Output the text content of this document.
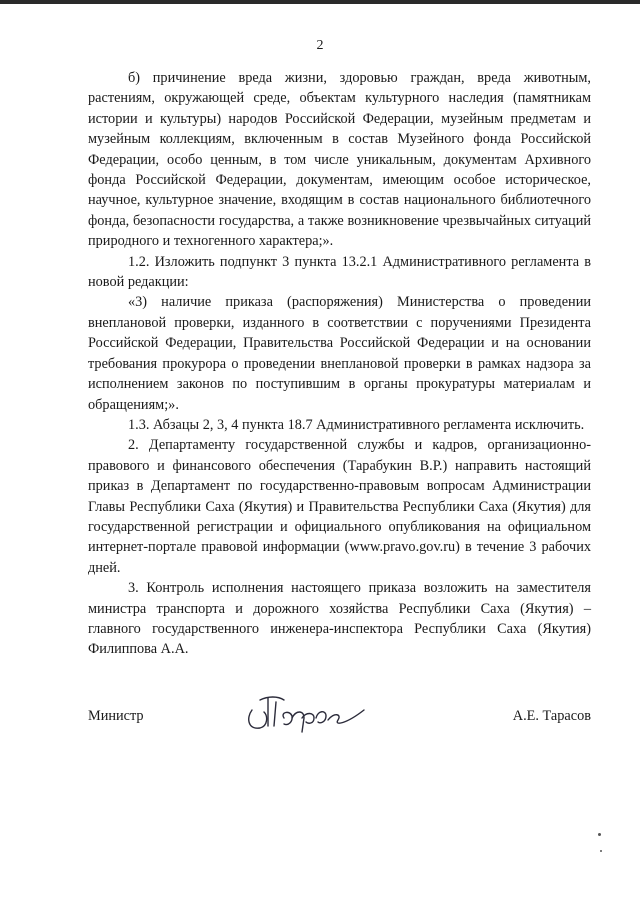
2

б) причинение вреда жизни, здоровью граждан, вреда животным, растениям, окружающей среде, объектам культурного наследия (памятникам истории и культуры) народов Российской Федерации, музейным предметам и музейным коллекциям, включенным в состав Музейного фонда Российской Федерации, особо ценным, в том числе уникальным, документам Архивного фонда Российской Федерации, документам, имеющим особое историческое, научное, культурное значение, входящим в состав национального библиотечного фонда, безопасности государства, а также возникновение чрезвычайных ситуаций природного и техногенного характера;».

1.2. Изложить подпункт 3 пункта 13.2.1 Административного регламента в новой редакции:

«3) наличие приказа (распоряжения) Министерства о проведении внеплановой проверки, изданного в соответствии с поручениями Президента Российской Федерации, Правительства Российской Федерации и на основании требования прокурора о проведении внеплановой проверки в рамках надзора за исполнением законов по поступившим в органы прокуратуры материалам и обращениям;».

1.3. Абзацы 2, 3, 4 пункта 18.7 Административного регламента исключить.

2. Департаменту государственной службы и кадров, организационно- правового и финансового обеспечения (Тарабукин В.Р.) направить настоящий приказ в Департамент по государственно-правовым вопросам Администрации Главы Республики Саха (Якутия) и Правительства Республики Саха (Якутия) для государственной регистрации и официального опубликования на официальном интернет-портале правовой информации (www.pravo.gov.ru) в течение 3 рабочих дней.

3. Контроль исполнения настоящего приказа возложить на заместителя министра транспорта и дорожного хозяйства Республики Саха (Якутия) – главного государственного инженера-инспектора Республики Саха (Якутия) Филиппова А.А.

Министр	А.Е. Тарасов
